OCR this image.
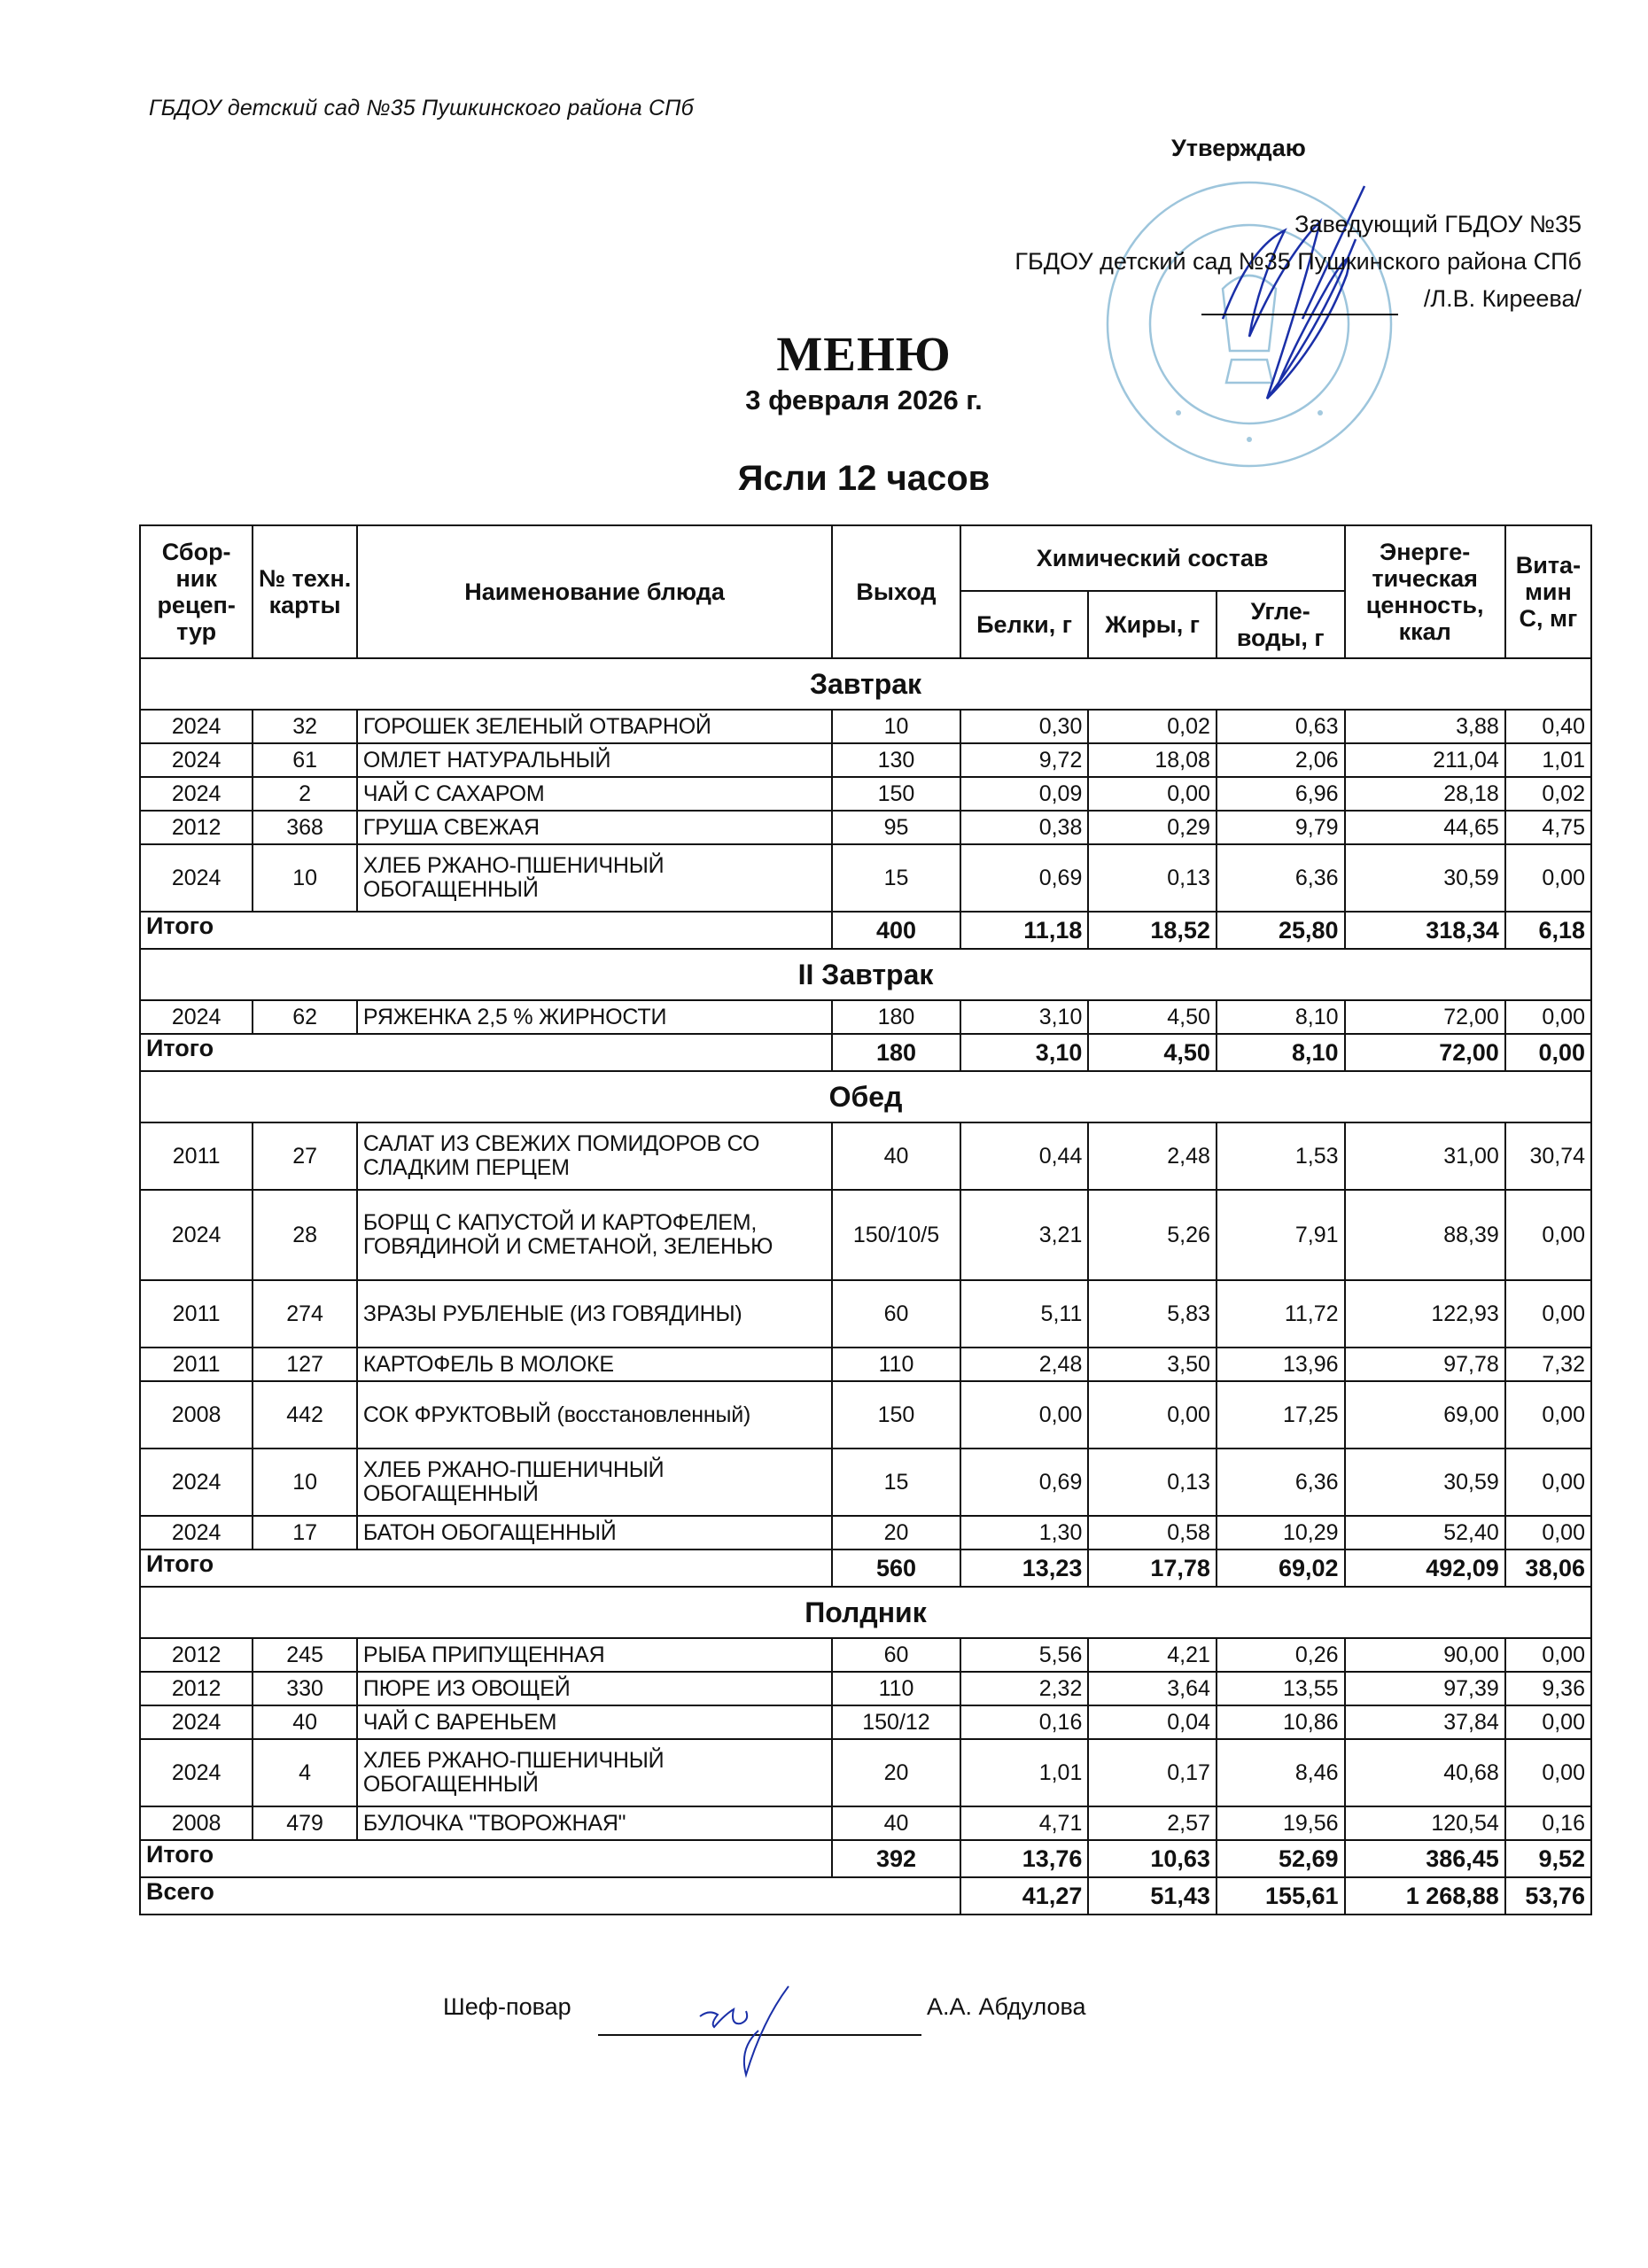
ГБДОУ детский сад №35 Пушкинского района СПб
Утверждаю
Заведующий ГБДОУ №35
ГБДОУ детский сад №35 Пушкинского района СПб
/Л.В. Киреева/
МЕНЮ
3 февраля 2026 г.
Ясли 12 часов
Сбор-ник рецеп-тур	№ техн. карты	Наименование блюда	Выход	Химический состав			Энерге-тическая ценность, ккал	Вита-мин С, мг
				Белки, г	Жиры, г	Угле-воды, г		
Завтрак								
2024	32	ГОРОШЕК ЗЕЛЕНЫЙ ОТВАРНОЙ	10	0,30	0,02	0,63	3,88	0,40
2024	61	ОМЛЕТ НАТУРАЛЬНЫЙ	130	9,72	18,08	2,06	211,04	1,01
2024	2	ЧАЙ С САХАРОМ	150	0,09	0,00	6,96	28,18	0,02
2012	368	ГРУША СВЕЖАЯ	95	0,38	0,29	9,79	44,65	4,75
2024	10	ХЛЕБ РЖАНО-ПШЕНИЧНЫЙ ОБОГАЩЕННЫЙ	15	0,69	0,13	6,36	30,59	0,00
Итого			400	11,18	18,52	25,80	318,34	6,18
II Завтрак								
2024	62	РЯЖЕНКА 2,5 % ЖИРНОСТИ	180	3,10	4,50	8,10	72,00	0,00
Итого			180	3,10	4,50	8,10	72,00	0,00
Обед								
2011	27	САЛАТ ИЗ СВЕЖИХ ПОМИДОРОВ СО СЛАДКИМ ПЕРЦЕМ	40	0,44	2,48	1,53	31,00	30,74
2024	28	БОРЩ С КАПУСТОЙ И КАРТОФЕЛЕМ, ГОВЯДИНОЙ И СМЕТАНОЙ, ЗЕЛЕНЬЮ	150/10/5	3,21	5,26	7,91	88,39	0,00
2011	274	ЗРАЗЫ РУБЛЕНЫЕ (ИЗ ГОВЯДИНЫ)	60	5,11	5,83	11,72	122,93	0,00
2011	127	КАРТОФЕЛЬ В МОЛОКЕ	110	2,48	3,50	13,96	97,78	7,32
2008	442	СОК ФРУКТОВЫЙ (восстановленный)	150	0,00	0,00	17,25	69,00	0,00
2024	10	ХЛЕБ РЖАНО-ПШЕНИЧНЫЙ ОБОГАЩЕННЫЙ	15	0,69	0,13	6,36	30,59	0,00
2024	17	БАТОН ОБОГАЩЕННЫЙ	20	1,30	0,58	10,29	52,40	0,00
Итого			560	13,23	17,78	69,02	492,09	38,06
Полдник								
2012	245	РЫБА ПРИПУЩЕННАЯ	60	5,56	4,21	0,26	90,00	0,00
2012	330	ПЮРЕ ИЗ ОВОЩЕЙ	110	2,32	3,64	13,55	97,39	9,36
2024	40	ЧАЙ С ВАРЕНЬЕМ	150/12	0,16	0,04	10,86	37,84	0,00
2024	4	ХЛЕБ РЖАНО-ПШЕНИЧНЫЙ ОБОГАЩЕННЫЙ	20	1,01	0,17	8,46	40,68	0,00
2008	479	БУЛОЧКА "ТВОРОЖНАЯ"	40	4,71	2,57	19,56	120,54	0,16
Итого			392	13,76	10,63	52,69	386,45	9,52
Всего				41,27	51,43	155,61	1 268,88	53,76
Шеф-повар	А.А. Абдулова
